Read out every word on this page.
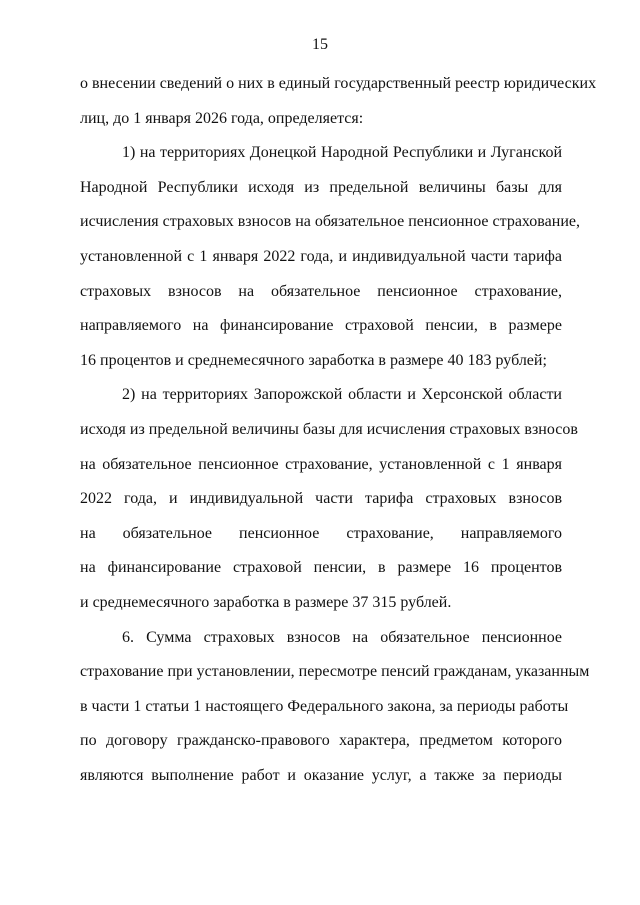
15
о внесении сведений о них в единый государственный реестр юридических
лиц, до 1 января 2026 года, определяется:
1) на территориях Донецкой Народной Республики и Луганской
Народной Республики исходя из предельной величины базы для
исчисления страховых взносов на обязательное пенсионное страхование,
установленной с 1 января 2022 года, и индивидуальной части тарифа
страховых взносов на обязательное пенсионное страхование,
направляемого на финансирование страховой пенсии, в размере
16 процентов и среднемесячного заработка в размере 40 183 рублей;
2) на территориях Запорожской области и Херсонской области
исходя из предельной величины базы для исчисления страховых взносов
на обязательное пенсионное страхование, установленной с 1 января
2022 года, и индивидуальной части тарифа страховых взносов
на обязательное пенсионное страхование, направляемого
на финансирование страховой пенсии, в размере 16 процентов
и среднемесячного заработка в размере 37 315 рублей.
6. Сумма страховых взносов на обязательное пенсионное
страхование при установлении, пересмотре пенсий гражданам, указанным
в части 1 статьи 1 настоящего Федерального закона, за периоды работы
по договору гражданско-правового характера, предметом которого
являются выполнение работ и оказание услуг, а также за периоды
